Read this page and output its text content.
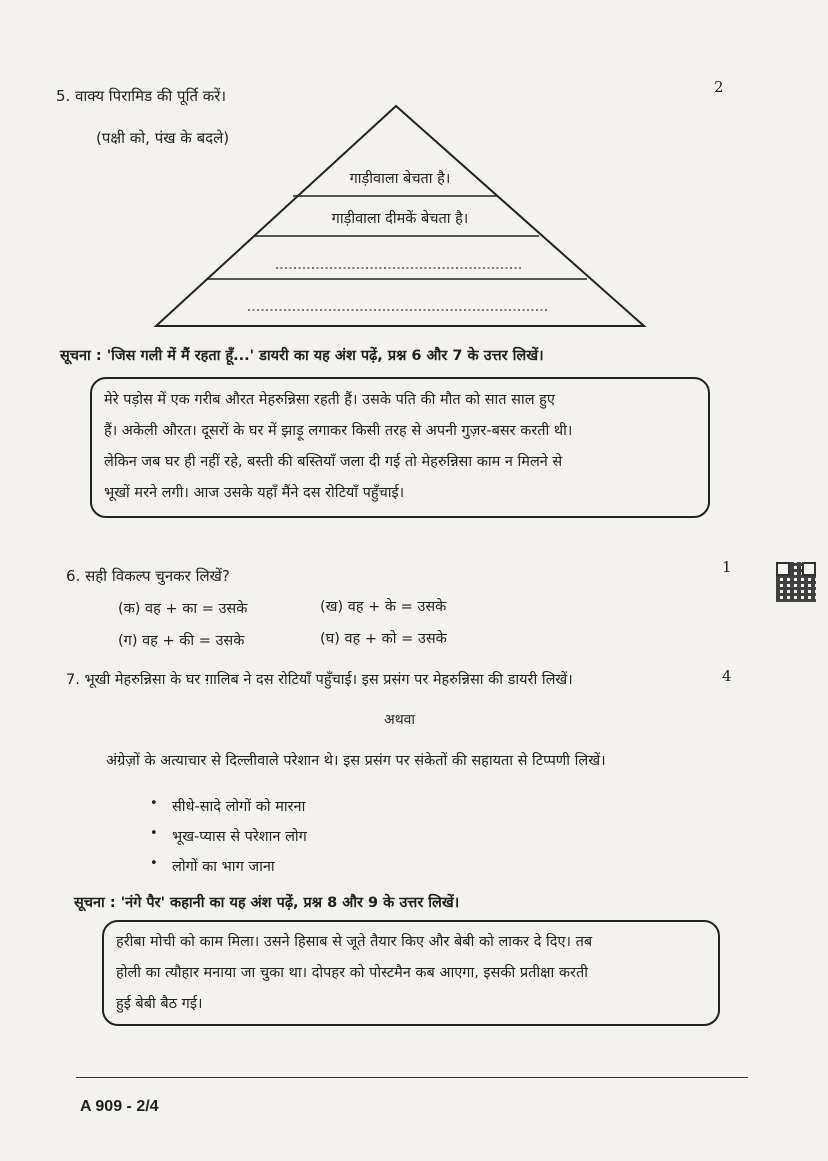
2
5. वाक्य पिरामिड की पूर्ति करें।
(पक्षी को, पंख के बदले)
गाड़ीवाला बेचता है।
गाड़ीवाला दीमकें बेचता है।
सूचना : 'जिस गली में मैं रहता हूँ...' डायरी का यह अंश पढ़ें, प्रश्न 6 और 7 के उत्तर लिखें।

मेरे पड़ोस में एक गरीब औरत मेहरुन्निसा रहती हैं। उसके पति की मौत को सात साल हुए

हैं। अकेली औरत। दूसरों के घर में झाड़ू लगाकर किसी तरह से अपनी गुज़र-बसर करती थी।

लेकिन जब घर ही नहीं रहे, बस्ती की बस्तियाँ जला दी गई तो मेहरुन्निसा काम न मिलने से

भूखों मरने लगी। आज उसके यहाँ मैंने दस रोटियाँ पहुँचाई।

6. सही विकल्प चुनकर लिखें?	1
(क) वह + का = उसके	(ख) वह + के = उसके
(ग) वह + की = उसके	(घ) वह + को = उसके
7. भूखी मेहरुन्निसा के घर ग़ालिब ने दस रोटियाँ पहुँचाई। इस प्रसंग पर मेहरुन्निसा की डायरी लिखें।	4
अथवा
अंग्रेज़ों के अत्याचार से दिल्लीवाले परेशान थे। इस प्रसंग पर संकेतों की सहायता से टिप्पणी लिखें।
• सीधे-सादे लोगों को मारना
• भूख-प्यास से परेशान लोग
• लोगों का भाग जाना
सूचना : 'नंगे पैर' कहानी का यह अंश पढ़ें, प्रश्न 8 और 9 के उत्तर लिखें।

हरीबा मोची को काम मिला। उसने हिसाब से जूते तैयार किए और बेबी को लाकर दे दिए। तब

होली का त्यौहार मनाया जा चुका था। दोपहर को पोस्टमैन कब आएगा, इसकी प्रतीक्षा करती

हुई बेबी बैठ गई।

A 909 - 2/4
